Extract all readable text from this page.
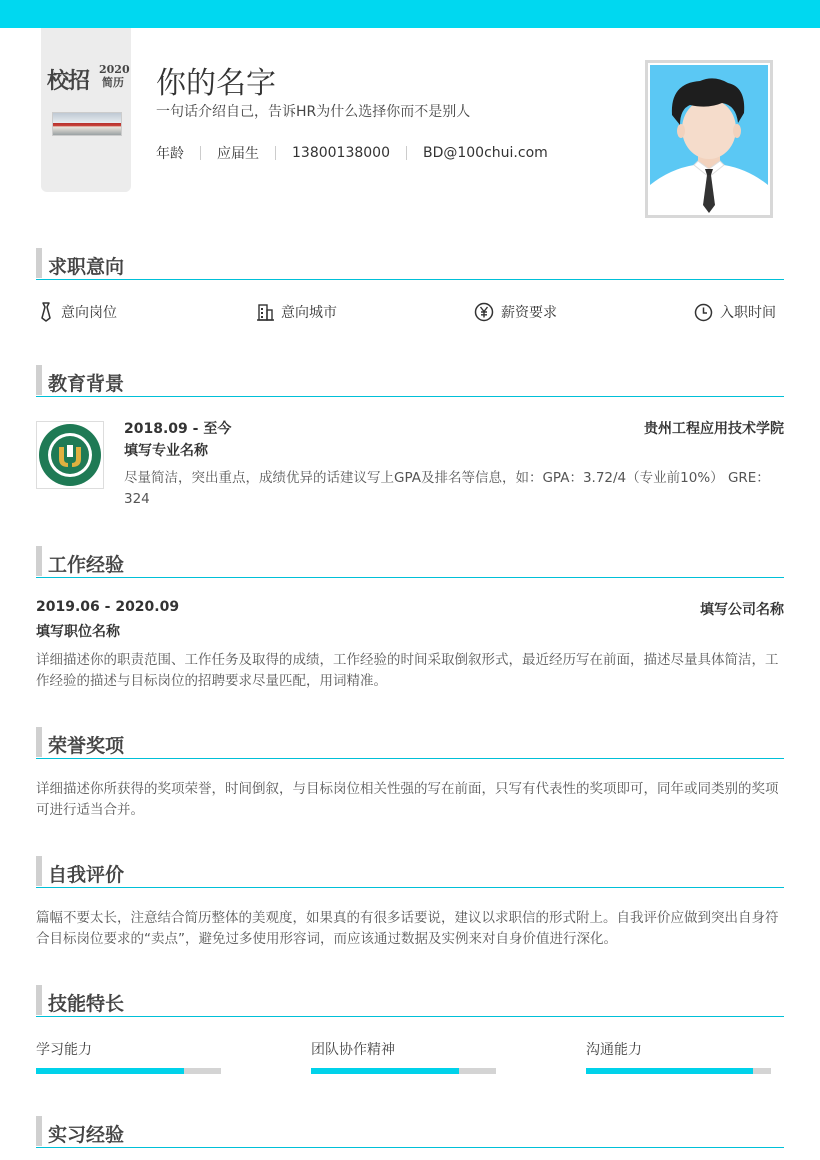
校招 2020
简历 你的名字
一句话介绍自己，告诉HR为什么选择你而不是别人
年龄 应届生 13800138000 BD@100chui.com
求职意向
意向岗位	意向城市	薪资要求	入职时间
教育背景
2018.09 - 至今	贵州工程应用技术学院
填写专业名称
尽量简洁，突出重点，成绩优异的话建议写上GPA及排名等信息，如：GPA：3.72/4（专业前10%） GRE：324
工作经验
2019.06 - 2020.09	填写公司名称
填写职位名称
详细描述你的职责范围、工作任务及取得的成绩，工作经验的时间采取倒叙形式，最近经历写在前面，描述尽量具体简洁，工作经验的描述与目标岗位的招聘要求尽量匹配，用词精准。
荣誉奖项
详细描述你所获得的奖项荣誉，时间倒叙，与目标岗位相关性强的写在前面，只写有代表性的奖项即可，同年或同类别的奖项可进行适当合并。
自我评价
篇幅不要太长，注意结合简历整体的美观度，如果真的有很多话要说，建议以求职信的形式附上。自我评价应做到突出自身符合目标岗位要求的“卖点”，避免过多使用形容词，而应该通过数据及实例来对自身价值进行深化。
技能特长
学习能力	团队协作精神	沟通能力
实习经验
